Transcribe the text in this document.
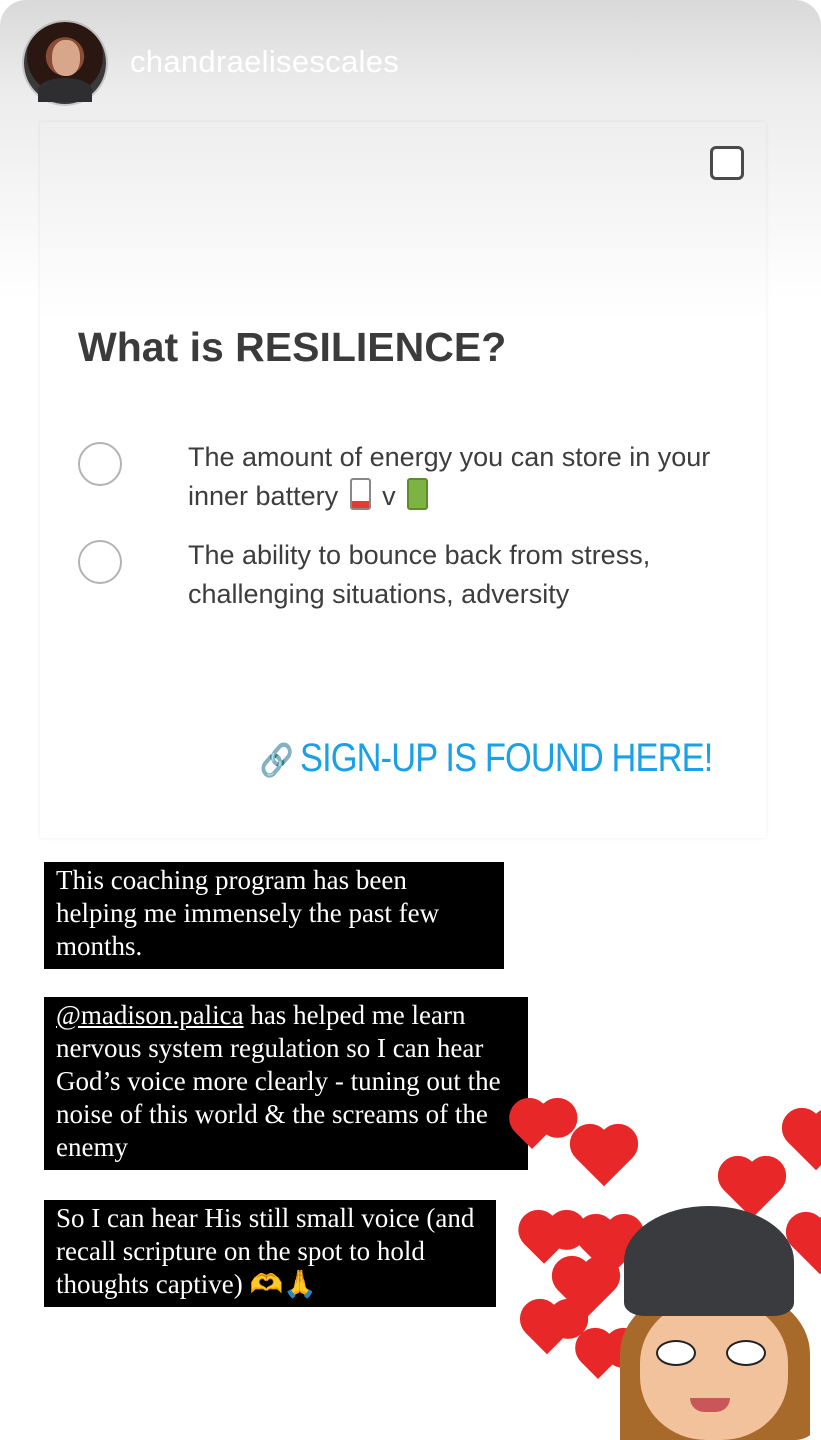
chandraelisescales
What is RESILIENCE?
The amount of energy you can store in your
inner battery v
The ability to bounce back from stress,
challenging situations, adversity
🔗 SIGN-UP IS FOUND HERE!
This coaching program has been helping me immensely the past few months.
@madison.palica has helped me learn nervous system regulation so I can hear God’s voice more clearly - tuning out the noise of this world & the screams of the enemy
So I can hear His still small voice (and recall scripture on the spot to hold thoughts captive) 🫶🙏
